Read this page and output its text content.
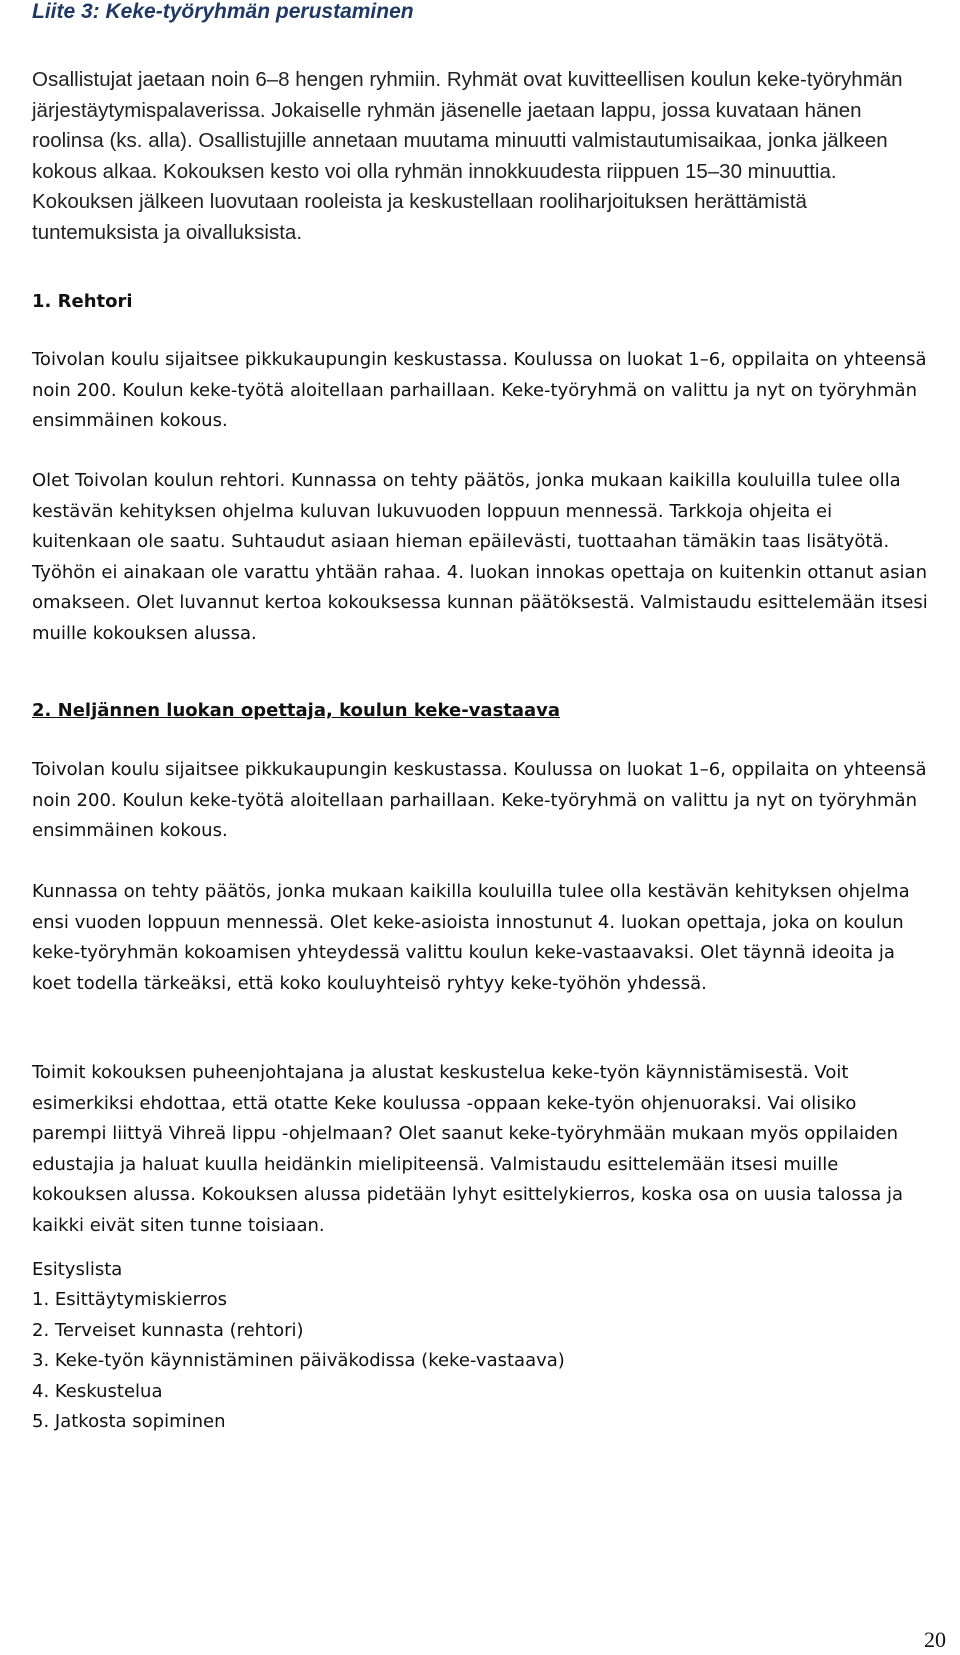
Liite 3: Keke-työryhmän perustaminen

Osallistujat jaetaan noin 6–8 hengen ryhmiin. Ryhmät ovat kuvitteellisen koulun keke-työryhmän järjestäytymispalaverissa. Jokaiselle ryhmän jäsenelle jaetaan lappu, jossa kuvataan hänen roolinsa (ks. alla). Osallistujille annetaan muutama minuutti valmistautumisaikaa, jonka jälkeen kokous alkaa. Kokouksen kesto voi olla ryhmän innokkuudesta riippuen 15–30 minuuttia. Kokouksen jälkeen luovutaan rooleista ja keskustellaan rooliharjoituksen herättämistä tuntemuksista ja oivalluksista.

1. Rehtori

Toivolan koulu sijaitsee pikkukaupungin keskustassa. Koulussa on luokat 1–6, oppilaita on yhteensä noin 200. Koulun keke-työtä aloitellaan parhaillaan. Keke-työryhmä on valittu ja nyt on työryhmän ensimmäinen kokous.

Olet Toivolan koulun rehtori. Kunnassa on tehty päätös, jonka mukaan kaikilla kouluilla tulee olla kestävän kehityksen ohjelma kuluvan lukuvuoden loppuun mennessä. Tarkkoja ohjeita ei kuitenkaan ole saatu. Suhtaudut asiaan hieman epäilevästi, tuottaahan tämäkin taas lisätyötä. Työhön ei ainakaan ole varattu yhtään rahaa. 4. luokan innokas opettaja on kuitenkin ottanut asian omakseen. Olet luvannut kertoa kokouksessa kunnan päätöksestä. Valmistaudu esittelemään itsesi muille kokouksen alussa.

2. Neljännen luokan opettaja, koulun keke-vastaava

Toivolan koulu sijaitsee pikkukaupungin keskustassa. Koulussa on luokat 1–6, oppilaita on yhteensä noin 200. Koulun keke-työtä aloitellaan parhaillaan. Keke-työryhmä on valittu ja nyt on työryhmän ensimmäinen kokous.

Kunnassa on tehty päätös, jonka mukaan kaikilla kouluilla tulee olla kestävän kehityksen ohjelma ensi vuoden loppuun mennessä. Olet keke-asioista innostunut 4. luokan opettaja, joka on koulun keke-työryhmän kokoamisen yhteydessä valittu koulun keke-vastaavaksi. Olet täynnä ideoita ja koet todella tärkeäksi, että koko kouluyhteisö ryhtyy keke-työhön yhdessä.

Toimit kokouksen puheenjohtajana ja alustat keskustelua keke-työn käynnistämisestä. Voit esimerkiksi ehdottaa, että otatte Keke koulussa -oppaan keke-työn ohjenuoraksi. Vai olisiko parempi liittyä Vihreä lippu -ohjelmaan? Olet saanut keke-työryhmään mukaan myös oppilaiden edustajia ja haluat kuulla heidänkin mielipiteensä. Valmistaudu esittelemään itsesi muille kokouksen alussa. Kokouksen alussa pidetään lyhyt esittelykierros, koska osa on uusia talossa ja kaikki eivät siten tunne toisiaan.

Esityslista

1. Esittäytymiskierros
2. Terveiset kunnasta (rehtori)
3. Keke-työn käynnistäminen päiväkodissa (keke-vastaava)
4. Keskustelua
5. Jatkosta sopiminen
20
